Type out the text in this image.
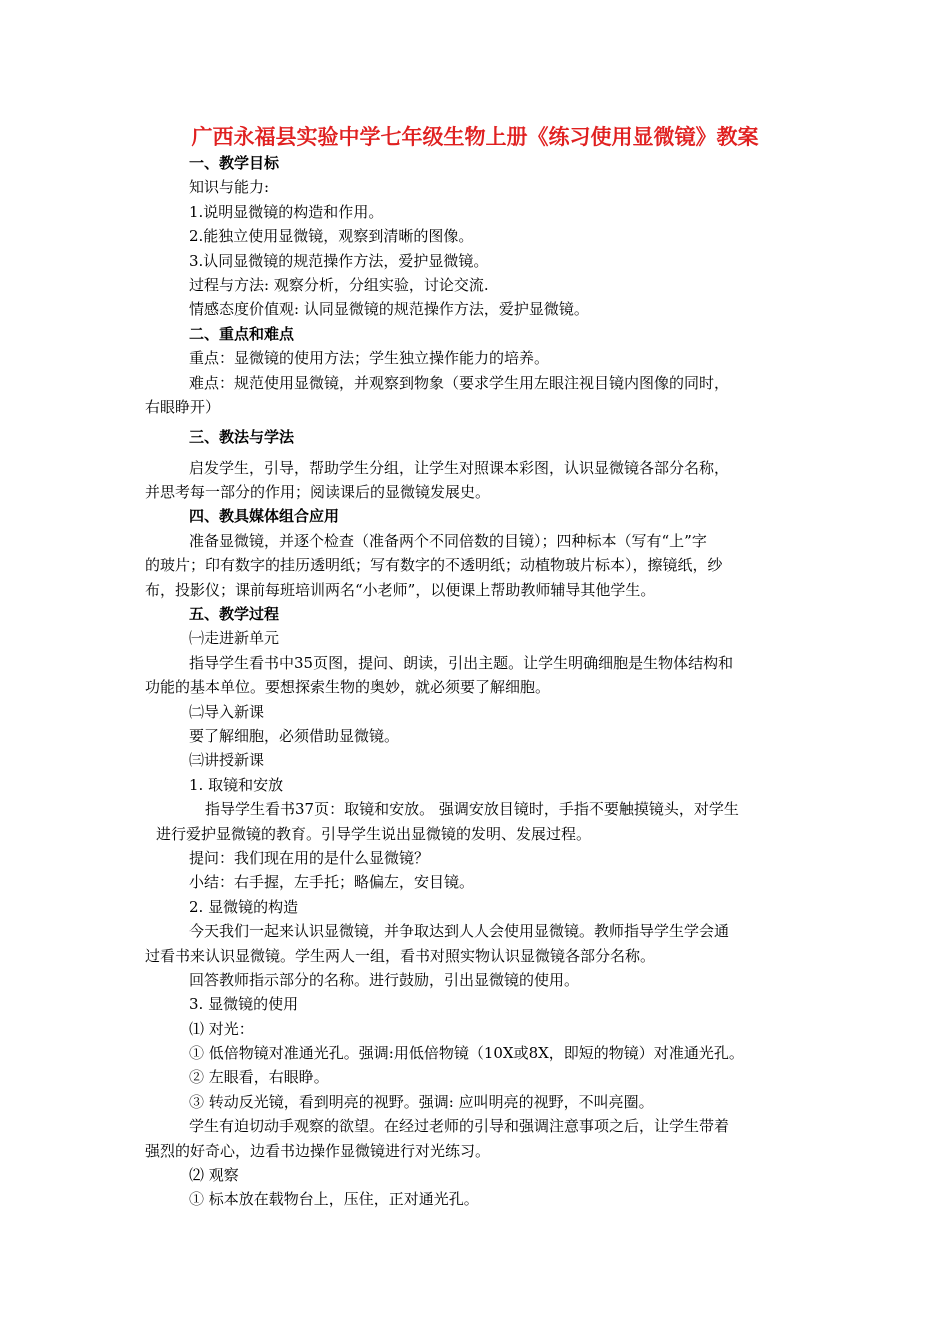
广西永福县实验中学七年级生物上册《练习使用显微镜》教案
一、教学目标
知识与能力:
1.说明显微镜的构造和作用。
2.能独立使用显微镜，观察到清晰的图像。
3.认同显微镜的规范操作方法，爱护显微镜。
过程与方法: 观察分析，分组实验，讨论交流.
情感态度价值观: 认同显微镜的规范操作方法，爱护显微镜。
二、重点和难点
重点：显微镜的使用方法；学生独立操作能力的培养。
难点：规范使用显微镜，并观察到物象（要求学生用左眼注视目镜内图像的同时，
右眼睁开）
三、教法与学法
启发学生，引导，帮助学生分组，让学生对照课本彩图，认识显微镜各部分名称，
并思考每一部分的作用；阅读课后的显微镜发展史。
四、教具媒体组合应用
准备显微镜，并逐个检查（准备两个不同倍数的目镜）；四种标本（写有“上”字
的玻片；印有数字的挂历透明纸；写有数字的不透明纸；动植物玻片标本），擦镜纸，纱
布，投影仪；课前每班培训两名“小老师”，以便课上帮助教师辅导其他学生。
五、教学过程
㈠走进新单元
指导学生看书中35页图，提问、朗读，引出主题。让学生明确细胞是生物体结构和
功能的基本单位。要想探索生物的奥妙，就必须要了解细胞。
㈡导入新课
要了解细胞，必须借助显微镜。
㈢讲授新课
1. 取镜和安放
指导学生看书37页：取镜和安放。 强调安放目镜时，手指不要触摸镜头，对学生
进行爱护显微镜的教育。引导学生说出显微镜的发明、发展过程。
提问：我们现在用的是什么显微镜？
小结：右手握，左手托；略偏左，安目镜。
2. 显微镜的构造
今天我们一起来认识显微镜，并争取达到人人会使用显微镜。教师指导学生学会通
过看书来认识显微镜。学生两人一组，看书对照实物认识显微镜各部分名称。
回答教师指示部分的名称。进行鼓励，引出显微镜的使用。
3. 显微镜的使用
⑴ 对光：
① 低倍物镜对准通光孔。强调:用低倍物镜（10X或8X，即短的物镜）对准通光孔。
② 左眼看，右眼睁。
③ 转动反光镜，看到明亮的视野。强调: 应叫明亮的视野，不叫亮圈。
学生有迫切动手观察的欲望。在经过老师的引导和强调注意事项之后，让学生带着
强烈的好奇心，边看书边操作显微镜进行对光练习。
⑵ 观察
① 标本放在载物台上，压住，正对通光孔。
